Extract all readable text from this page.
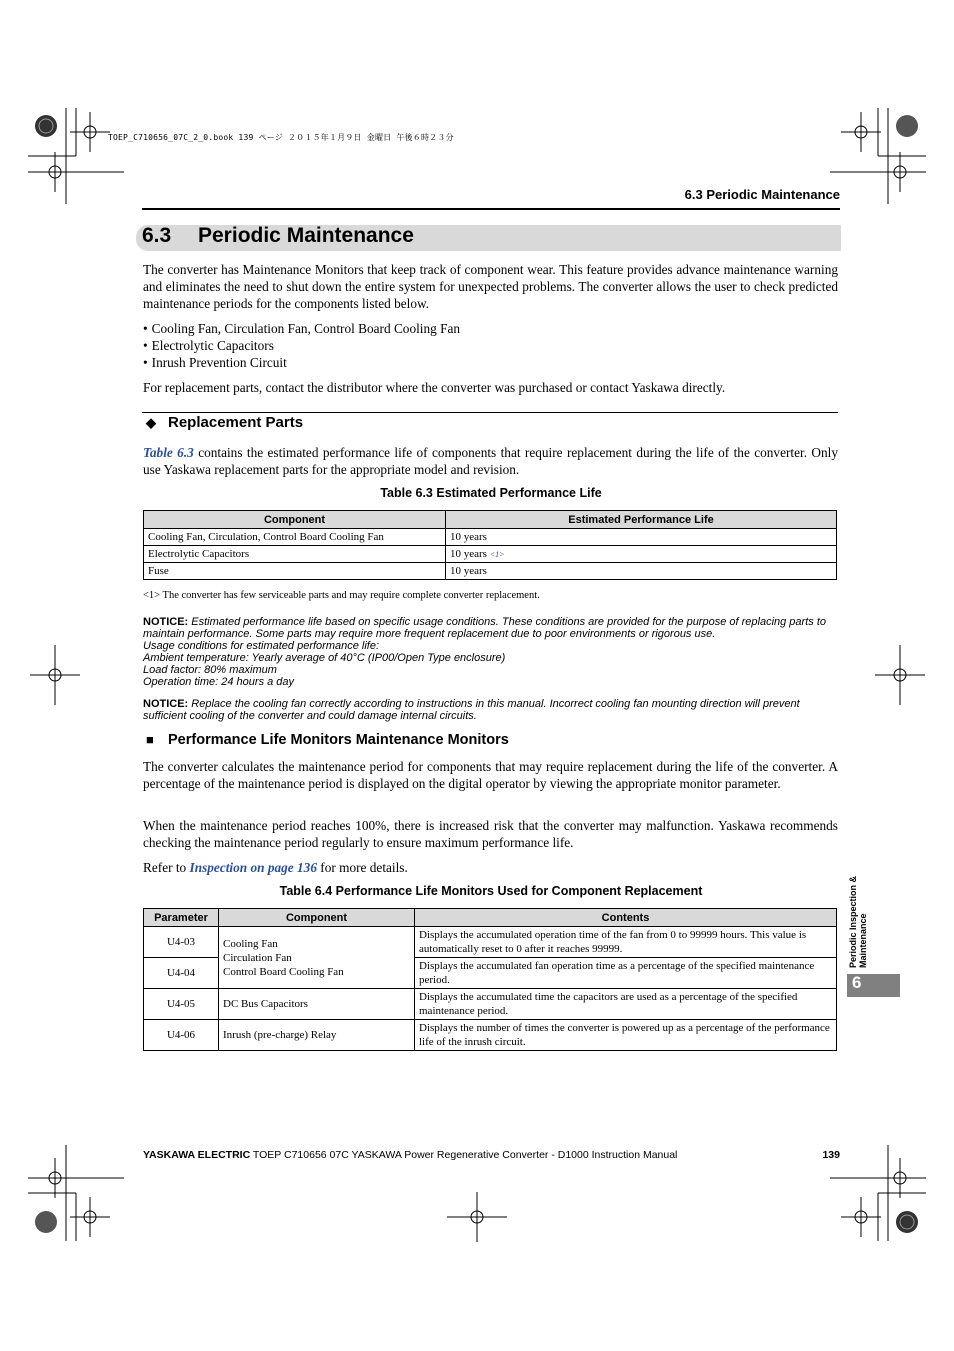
TOEP_C710656_07C_2_0.book 139 ページ ２０１５年１月９日 金曜日 午後６時２３分
6.3 Periodic Maintenance
6.3 Periodic Maintenance
The converter has Maintenance Monitors that keep track of component wear. This feature provides advance maintenance warning and eliminates the need to shut down the entire system for unexpected problems. The converter allows the user to check predicted maintenance periods for the components listed below.
• Cooling Fan, Circulation Fan, Control Board Cooling Fan
• Electrolytic Capacitors
• Inrush Prevention Circuit
For replacement parts, contact the distributor where the converter was purchased or contact Yaskawa directly.
◆ Replacement Parts
Table 6.3 contains the estimated performance life of components that require replacement during the life of the converter. Only use Yaskawa replacement parts for the appropriate model and revision.
Table 6.3 Estimated Performance Life
Component	Estimated Performance Life
Cooling Fan, Circulation, Control Board Cooling Fan	10 years
Electrolytic Capacitors	10 years <1>
Fuse	10 years
<1> The converter has few serviceable parts and may require complete converter replacement.
NOTICE: Estimated performance life based on specific usage conditions. These conditions are provided for the purpose of replacing parts to maintain performance. Some parts may require more frequent replacement due to poor environments or rigorous use.
Usage conditions for estimated performance life:
Ambient temperature: Yearly average of 40°C (IP00/Open Type enclosure)
Load factor: 80% maximum
Operation time: 24 hours a day
NOTICE: Replace the cooling fan correctly according to instructions in this manual. Incorrect cooling fan mounting direction will prevent sufficient cooling of the converter and could damage internal circuits.
■ Performance Life Monitors Maintenance Monitors
The converter calculates the maintenance period for components that may require replacement during the life of the converter. A percentage of the maintenance period is displayed on the digital operator by viewing the appropriate monitor parameter.
When the maintenance period reaches 100%, there is increased risk that the converter may malfunction. Yaskawa recommends checking the maintenance period regularly to ensure maximum performance life.
Refer to Inspection on page 136 for more details.
Table 6.4 Performance Life Monitors Used for Component Replacement
Parameter	Component	Contents
U4-03	Cooling Fan
Circulation Fan
Control Board Cooling Fan	Displays the accumulated operation time of the fan from 0 to 99999 hours. This value is automatically reset to 0 after it reaches 99999.
U4-04		Displays the accumulated fan operation time as a percentage of the specified maintenance period.
U4-05	DC Bus Capacitors	Displays the accumulated time the capacitors are used as a percentage of the specified maintenance period.
U4-06	Inrush (pre-charge) Relay	Displays the number of times the converter is powered up as a percentage of the performance life of the inrush circuit.
Periodic Inspection & Maintenance
6
YASKAWA ELECTRIC TOEP C710656 07C YASKAWA Power Regenerative Converter - D1000 Instruction Manual	139
